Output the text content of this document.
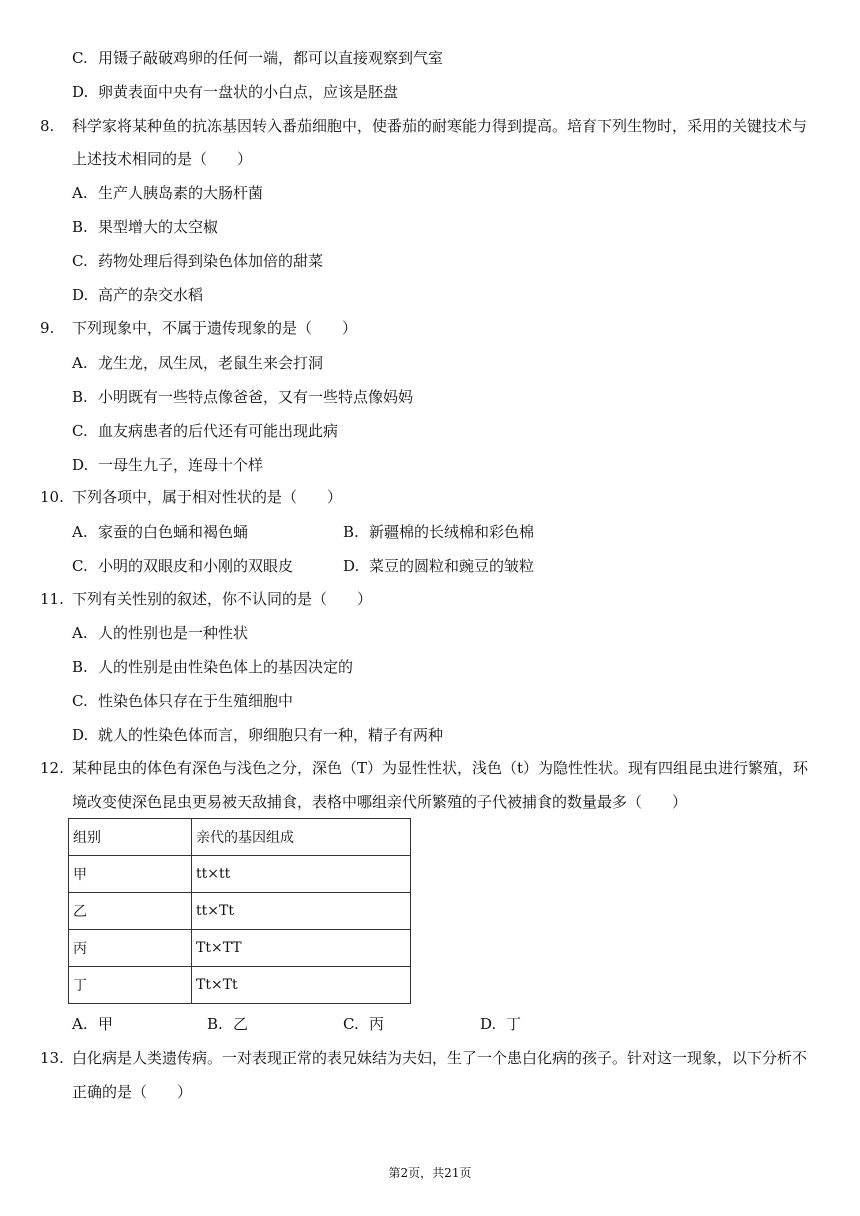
C. 用镊子敲破鸡卵的任何一端，都可以直接观察到气室
D. 卵黄表面中央有一盘状的小白点，应该是胚盘
8.	科学家将某种鱼的抗冻基因转入番茄细胞中，使番茄的耐寒能力得到提高。培育下列生物时，采用的关键技术与
上述技术相同的是（　　）
A. 生产人胰岛素的大肠杆菌
B. 果型增大的太空椒
C. 药物处理后得到染色体加倍的甜菜
D. 高产的杂交水稻
9.	下列现象中，不属于遗传现象的是（　　）
A. 龙生龙，凤生凤，老鼠生来会打洞
B. 小明既有一些特点像爸爸，又有一些特点像妈妈
C. 血友病患者的后代还有可能出现此病
D. 一母生九子，连母十个样
10. 下列各项中，属于相对性状的是（　　）
A. 家蚕的白色蛹和褐色蛹	B. 新疆棉的长绒棉和彩色棉
C. 小明的双眼皮和小刚的双眼皮	D. 菜豆的圆粒和豌豆的皱粒
11. 下列有关性别的叙述，你不认同的是（　　）
A. 人的性别也是一种性状
B. 人的性别是由性染色体上的基因决定的
C. 性染色体只存在于生殖细胞中
D. 就人的性染色体而言，卵细胞只有一种，精子有两种
12. 某种昆虫的体色有深色与浅色之分，深色（T）为显性性状，浅色（t）为隐性性状。现有四组昆虫进行繁殖，环
境改变使深色昆虫更易被天敌捕食，表格中哪组亲代所繁殖的子代被捕食的数量最多（　　）
组别	亲代的基因组成
甲	tt×tt
乙	tt×Tt
丙	Tt×TT
丁	Tt×Tt
A. 甲	B. 乙	C. 丙	D. 丁
13. 白化病是人类遗传病。一对表现正常的表兄妹结为夫妇，生了一个患白化病的孩子。针对这一现象，以下分析不
正确的是（　　）
第2页，共21页
